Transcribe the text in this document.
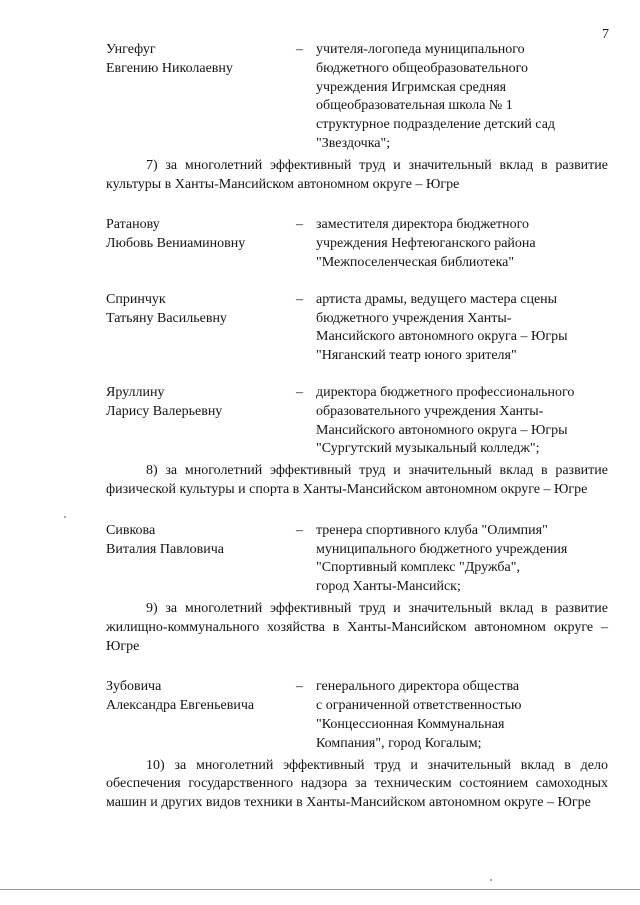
7
Унгефуг
Евгению Николаевну
– учителя-логопеда муниципального
бюджетного общеобразовательного
учреждения Игримская средняя
общеобразовательная школа № 1
структурное подразделение детский сад
"Звездочка";
7) за многолетний эффективный труд и значительный вклад в развитие культуры в Ханты-Мансийском автономном округе – Югре
Ратанову
Любовь Вениаминовну
– заместителя директора бюджетного
учреждения Нефтеюганского района
"Межпоселенческая библиотека"
Спринчук
Татьяну Васильевну
– артиста драмы, ведущего мастера сцены
бюджетного учреждения Ханты-
Мансийского автономного округа – Югры
"Няганский театр юного зрителя"
Яруллину
Ларису Валерьевну
– директора бюджетного профессионального
образовательного учреждения Ханты-
Мансийского автономного округа – Югры
"Сургутский музыкальный колледж";
8) за многолетний эффективный труд и значительный вклад в развитие физической культуры и спорта в Ханты-Мансийском автономном округе – Югре
Сивкова
Виталия Павловича
– тренера спортивного клуба "Олимпия"
муниципального бюджетного учреждения
"Спортивный комплекс "Дружба",
город Ханты-Мансийск;
9) за многолетний эффективный труд и значительный вклад в развитие жилищно-коммунального хозяйства в Ханты-Мансийском автономном округе – Югре
Зубовича
Александра Евгеньевича
– генерального директора общества
с ограниченной ответственностью
"Концессионная Коммунальная
Компания", город Когалым;
10) за многолетний эффективный труд и значительный вклад в дело обеспечения государственного надзора за техническим состоянием самоходных машин и других видов техники в Ханты-Мансийском автономном округе – Югре
